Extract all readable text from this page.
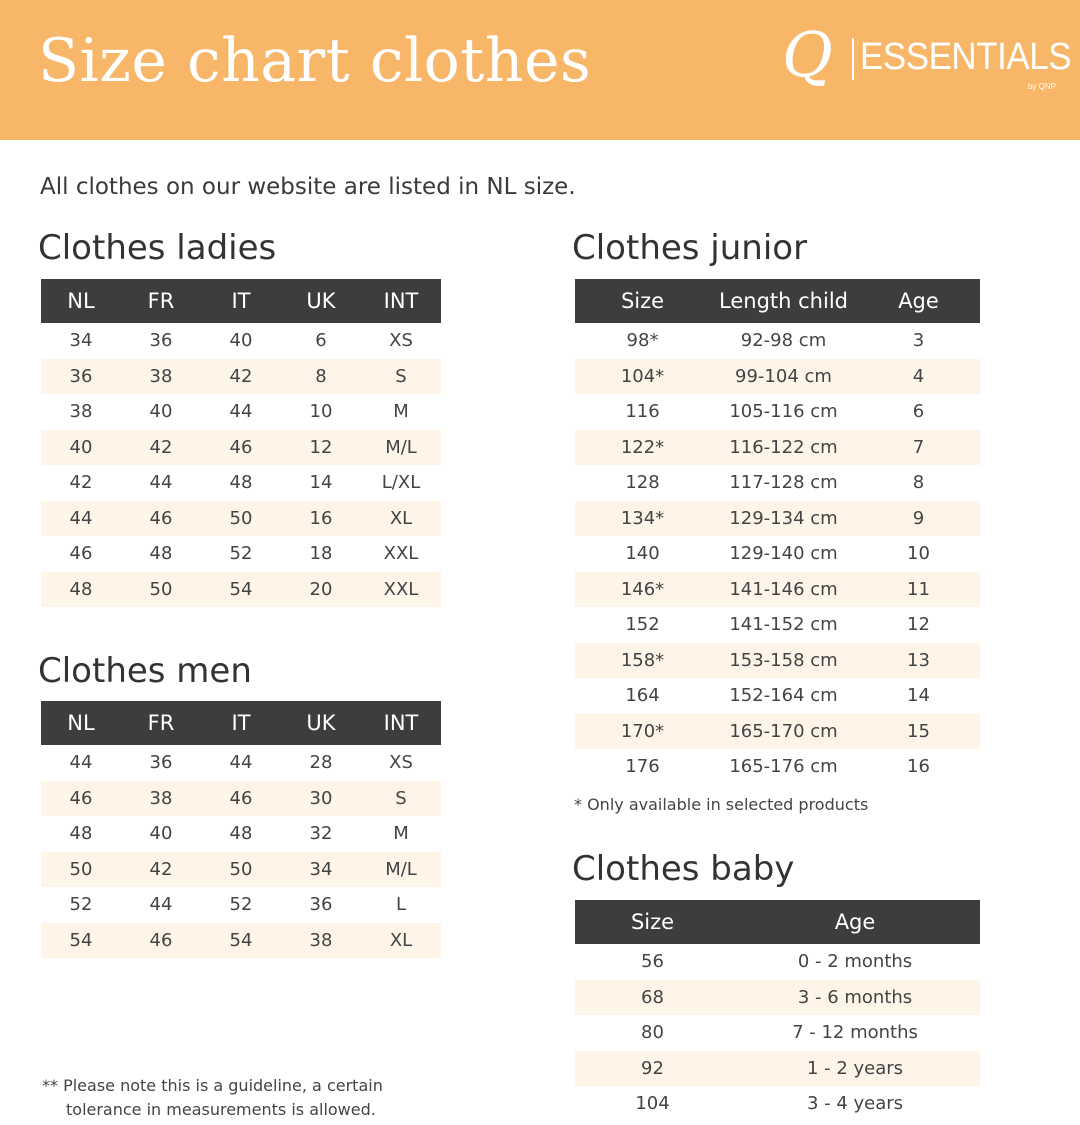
Size chart clothes	Q ESSENTIALS
by QNP
All clothes on our website are listed in NL size.
Clothes ladies
NL	FR	IT	UK	INT
34	36	40	6	XS
36	38	42	8	S
38	40	44	10	M
40	42	46	12	M/L
42	44	48	14	L/XL
44	46	50	16	XL
46	48	52	18	XXL
48	50	54	20	XXL
Clothes men
NL	FR	IT	UK	INT
44	36	44	28	XS
46	38	46	30	S
48	40	48	32	M
50	42	50	34	M/L
52	44	52	36	L
54	46	54	38	XL
Clothes junior
Size	Length child	Age
98*	92-98 cm	3
104*	99-104 cm	4
116	105-116 cm	6
122*	116-122 cm	7
128	117-128 cm	8
134*	129-134 cm	9
140	129-140 cm	10
146*	141-146 cm	11
152	141-152 cm	12
158*	153-158 cm	13
164	152-164 cm	14
170*	165-170 cm	15
176	165-176 cm	16
* Only available in selected products
Clothes baby
Size	Age
56	0 - 2 months
68	3 - 6 months
80	7 - 12 months
92	1 - 2 years
104	3 - 4 years
** Please note this is a guideline, a certain
tolerance in measurements is allowed.
